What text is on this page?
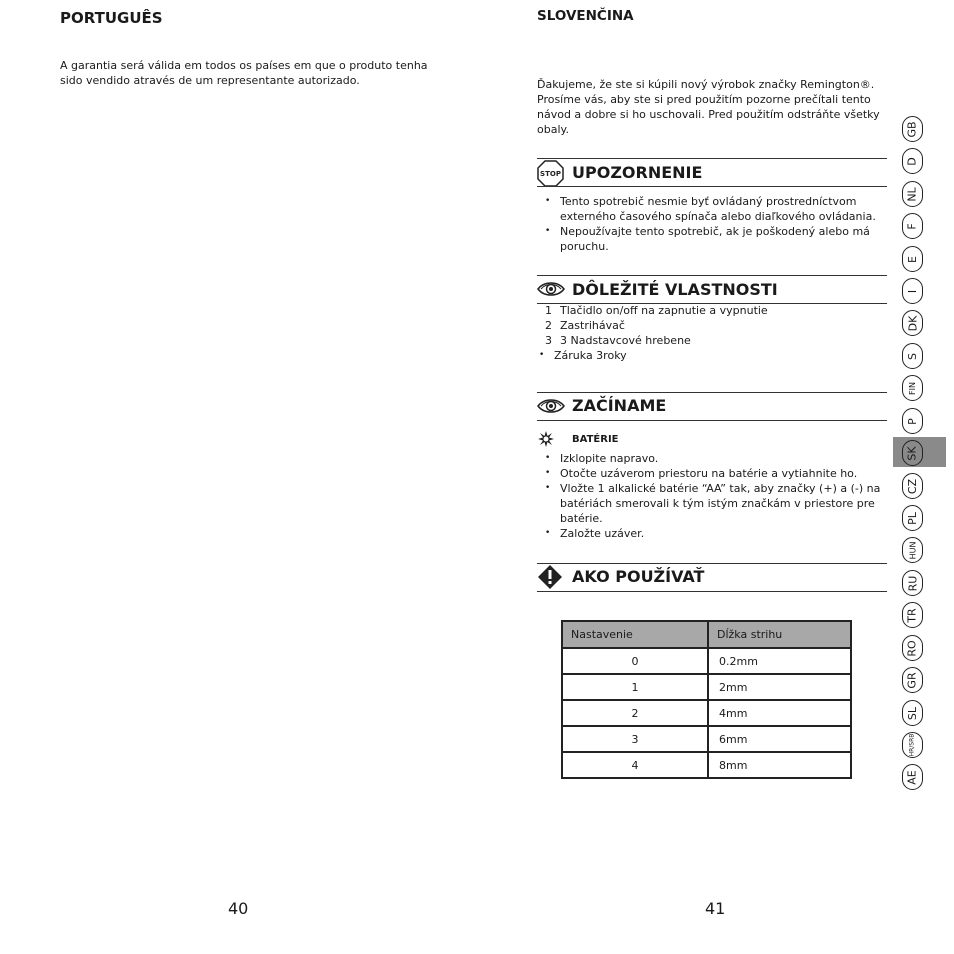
PORTUGUÊS
A garantia será válida em todos os países em que o produto tenha sido vendido através de um representante autorizado.
40
SLOVENČINA
Ďakujeme, že ste si kúpili nový výrobok značky Remington®. Prosíme vás, aby ste si pred použitím pozorne prečítali tento návod a dobre si ho uschovali. Pred použitím odstráňte všetky obaly.
STOP UPOZORNENIE
• Tento spotrebič nesmie byť ovládaný prostredníctvom externého časového spínača alebo diaľkového ovládania.
• Nepoužívajte tento spotrebič, ak je poškodený alebo má poruchu.
DÔLEŽITÉ VLASTNOSTI
1 Tlačidlo on/off na zapnutie a vypnutie
2 Zastrihávač
3 3 Nadstavcové hrebene
• Záruka 3roky
ZAČÍNAME
BATÉRIE
• Izklopite napravo.
• Otočte uzáverom priestoru na batérie a vytiahnite ho.
• Vložte 1 alkalické batérie “AA” tak, aby značky (+) a (-) na batériách smerovali k tým istým značkám v priestore pre batérie.
• Založte uzáver.
AKO POUŽÍVAŤ
Nastavenie	Dĺžka strihu
0	0.2mm
1	2mm
2	4mm
3	6mm
4	8mm
41
GB
D
NL
F
E
I
DK
S
FIN
P
SK
CZ
PL
HUN
RU
TR
RO
GR
SL
HR/SRB
AE
